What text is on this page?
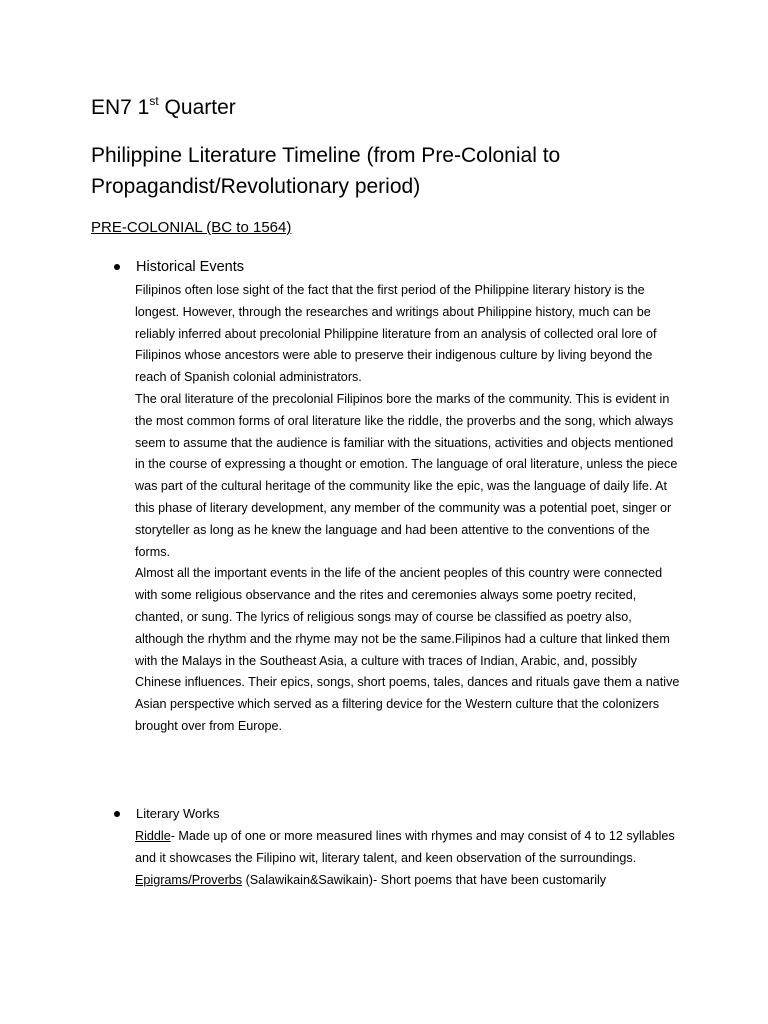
EN7 1st Quarter
Philippine Literature Timeline (from Pre-Colonial to Propagandist/Revolutionary period)
PRE-COLONIAL (BC to 1564)
Historical Events

Filipinos often lose sight of the fact that the first period of the Philippine literary history is the longest. However, through the researches and writings about Philippine history, much can be reliably inferred about precolonial Philippine literature from an analysis of collected oral lore of Filipinos whose ancestors were able to preserve their indigenous culture by living beyond the reach of Spanish colonial administrators.

The oral literature of the precolonial Filipinos bore the marks of the community. This is evident in the most common forms of oral literature like the riddle, the proverbs and the song, which always seem to assume that the audience is familiar with the situations, activities and objects mentioned in the course of expressing a thought or emotion. The language of oral literature, unless the piece was part of the cultural heritage of the community like the epic, was the language of daily life. At this phase of literary development, any member of the community was a potential poet, singer or storyteller as long as he knew the language and had been attentive to the conventions of the forms.

Almost all the important events in the life of the ancient peoples of this country were connected with some religious observance and the rites and ceremonies always some poetry recited, chanted, or sung. The lyrics of religious songs may of course be classified as poetry also, although the rhythm and the rhyme may not be the same.Filipinos had a culture that linked them with the Malays in the Southeast Asia, a culture with traces of Indian, Arabic, and, possibly Chinese influences. Their epics, songs, short poems, tales, dances and rituals gave them a native Asian perspective which served as a filtering device for the Western culture that the colonizers brought over from Europe.

Literary Works

Riddle- Made up of one or more measured lines with rhymes and may consist of 4 to 12 syllables and it showcases the Filipino wit, literary talent, and keen observation of the surroundings.

Epigrams/Proverbs (Salawikain&Sawikain)- Short poems that have been customarily
